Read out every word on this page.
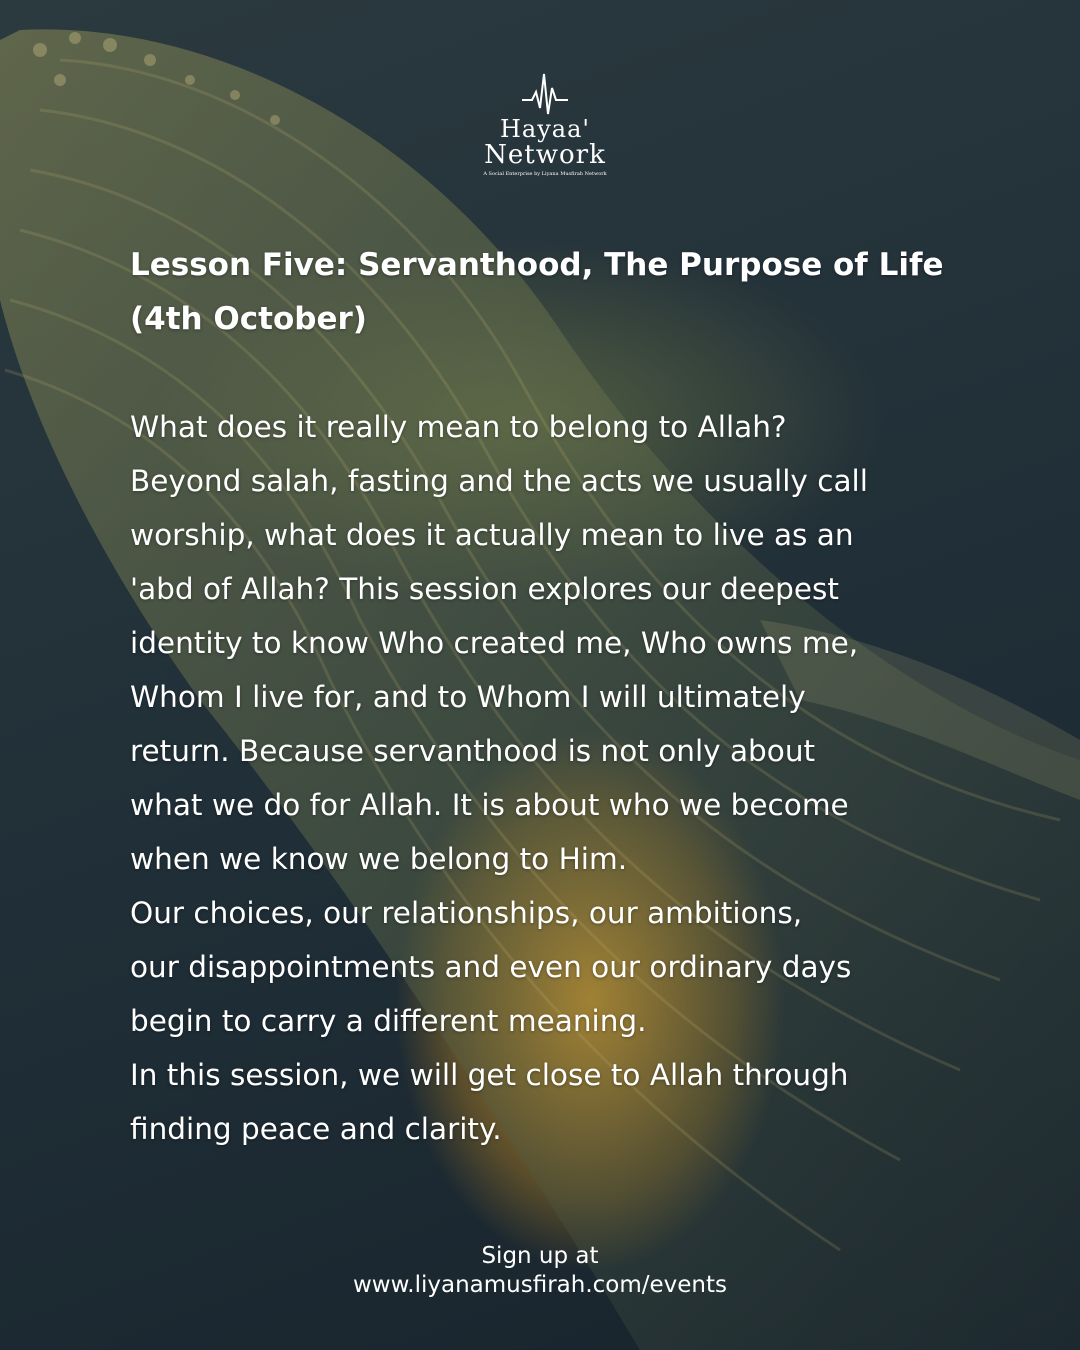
Hayaa'
Network
A Social Enterprise by Liyana Musfirah Network
Lesson Five: Servanthood, The Purpose of Life
(4th October)
What does it really mean to belong to Allah?
Beyond salah, fasting and the acts we usually call
worship, what does it actually mean to live as an
'abd of Allah? This session explores our deepest
identity to know Who created me, Who owns me,
Whom I live for, and to Whom I will ultimately
return. Because servanthood is not only about
what we do for Allah. It is about who we become
when we know we belong to Him.
Our choices, our relationships, our ambitions,
our disappointments and even our ordinary days
begin to carry a different meaning.
In this session, we will get close to Allah through
finding peace and clarity.
Sign up at
www.liyanamusfirah.com/events
